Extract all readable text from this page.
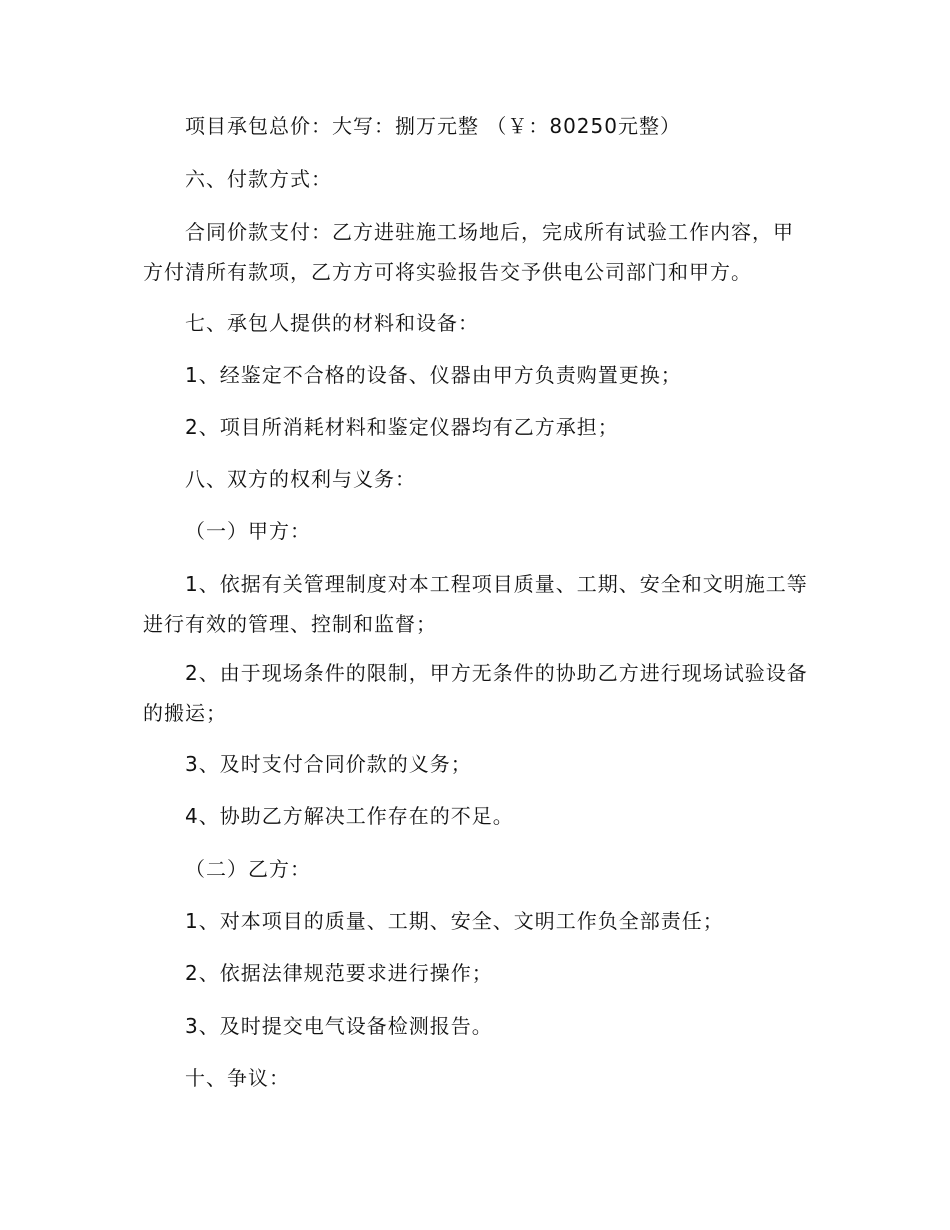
项目承包总价：大写：捌万元整 （￥：80250元整）

六、付款方式：

合同价款支付：乙方进驻施工场地后，完成所有试验工作内容，甲方付清所有款项，乙方方可将实验报告交予供电公司部门和甲方。

七、承包人提供的材料和设备：

1、经鉴定不合格的设备、仪器由甲方负责购置更换；

2、项目所消耗材料和鉴定仪器均有乙方承担；

八、双方的权利与义务：

（一）甲方：

1、依据有关管理制度对本工程项目质量、工期、安全和文明施工等进行有效的管理、控制和监督；

2、由于现场条件的限制，甲方无条件的协助乙方进行现场试验设备的搬运；

3、及时支付合同价款的义务；

4、协助乙方解决工作存在的不足。

（二）乙方：

1、对本项目的质量、工期、安全、文明工作负全部责任；

2、依据法律规范要求进行操作；

3、及时提交电气设备检测报告。

十、争议：
